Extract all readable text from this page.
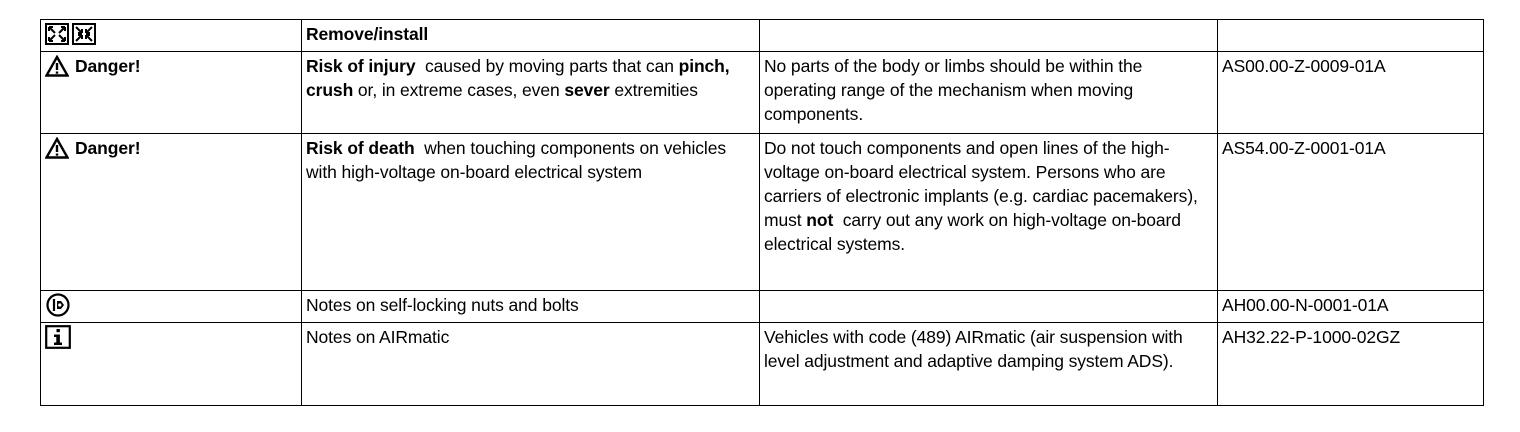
	Remove/install		

Danger!	Risk of injury  caused by moving parts that can pinch, crush or, in extreme cases, even sever extremities	No parts of the body or limbs should be within the operating range of the mechanism when moving components.	AS00.00-Z-0009-01A

Danger!	Risk of death  when touching components on vehicles with high-voltage on-board electrical system	Do not touch components and open lines of the high-voltage on-board electrical system. Persons who are carriers of electronic implants (e.g. cardiac pacemakers), must not  carry out any work on high-voltage on-board electrical systems.	AS54.00-Z-0001-01A

	Notes on self-locking nuts and bolts		AH00.00-N-0001-01A

	Notes on AIRmatic	Vehicles with code (489) AIRmatic (air suspension with level adjustment and adaptive damping system ADS).	AH32.22-P-1000-02GZ
